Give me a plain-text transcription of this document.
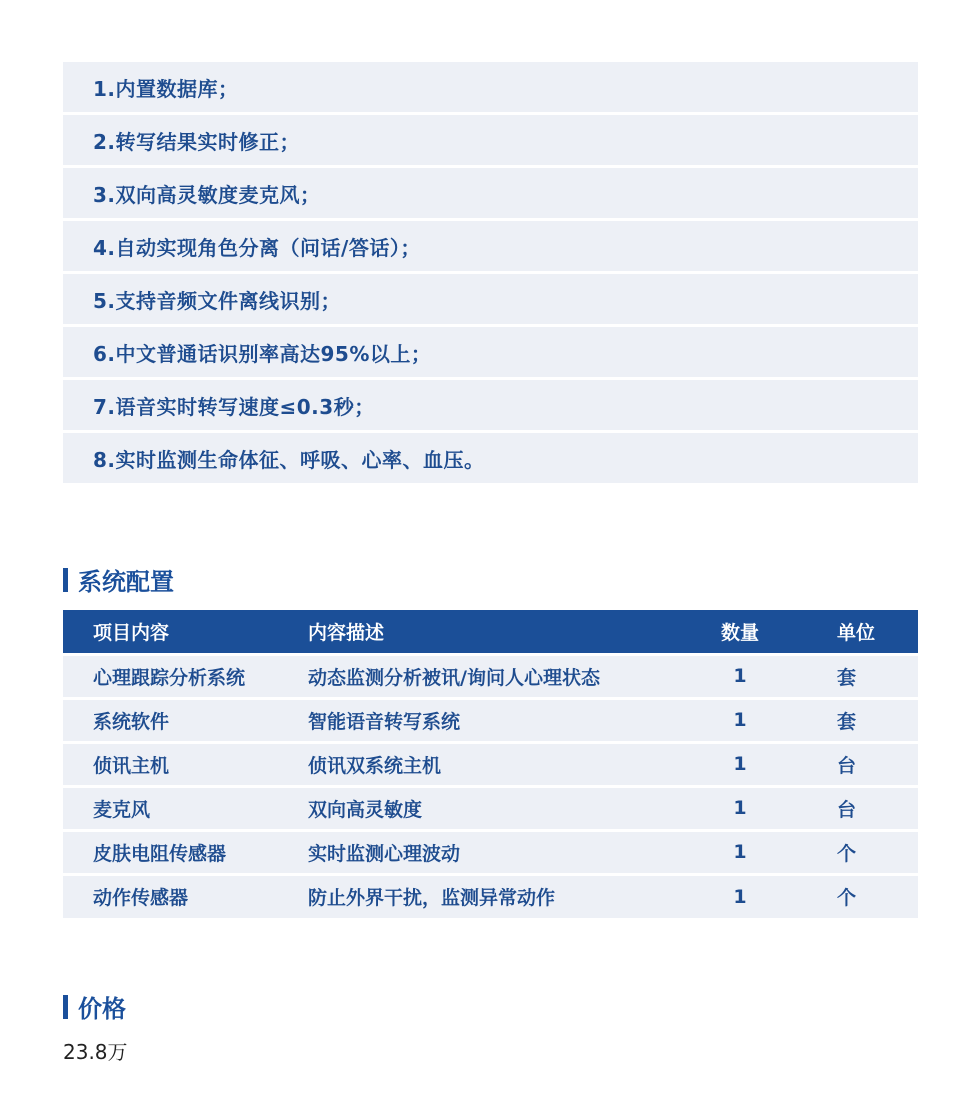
1.内置数据库；
2.转写结果实时修正；
3.双向高灵敏度麦克风；
4.自动实现角色分离（问话/答话）；
5.支持音频文件离线识别；
6.中文普通话识别率高达95%以上；
7.语音实时转写速度≤0.3秒；
8.实时监测生命体征、呼吸、心率、血压。
系统配置
项目内容	内容描述	数量	单位
心理跟踪分析系统	动态监测分析被讯/询问人心理状态	1	套
系统软件	智能语音转写系统	1	套
侦讯主机	侦讯双系统主机	1	台
麦克风	双向高灵敏度	1	台
皮肤电阻传感器	实时监测心理波动	1	个
动作传感器	防止外界干扰，监测异常动作	1	个
价格
23.8万
